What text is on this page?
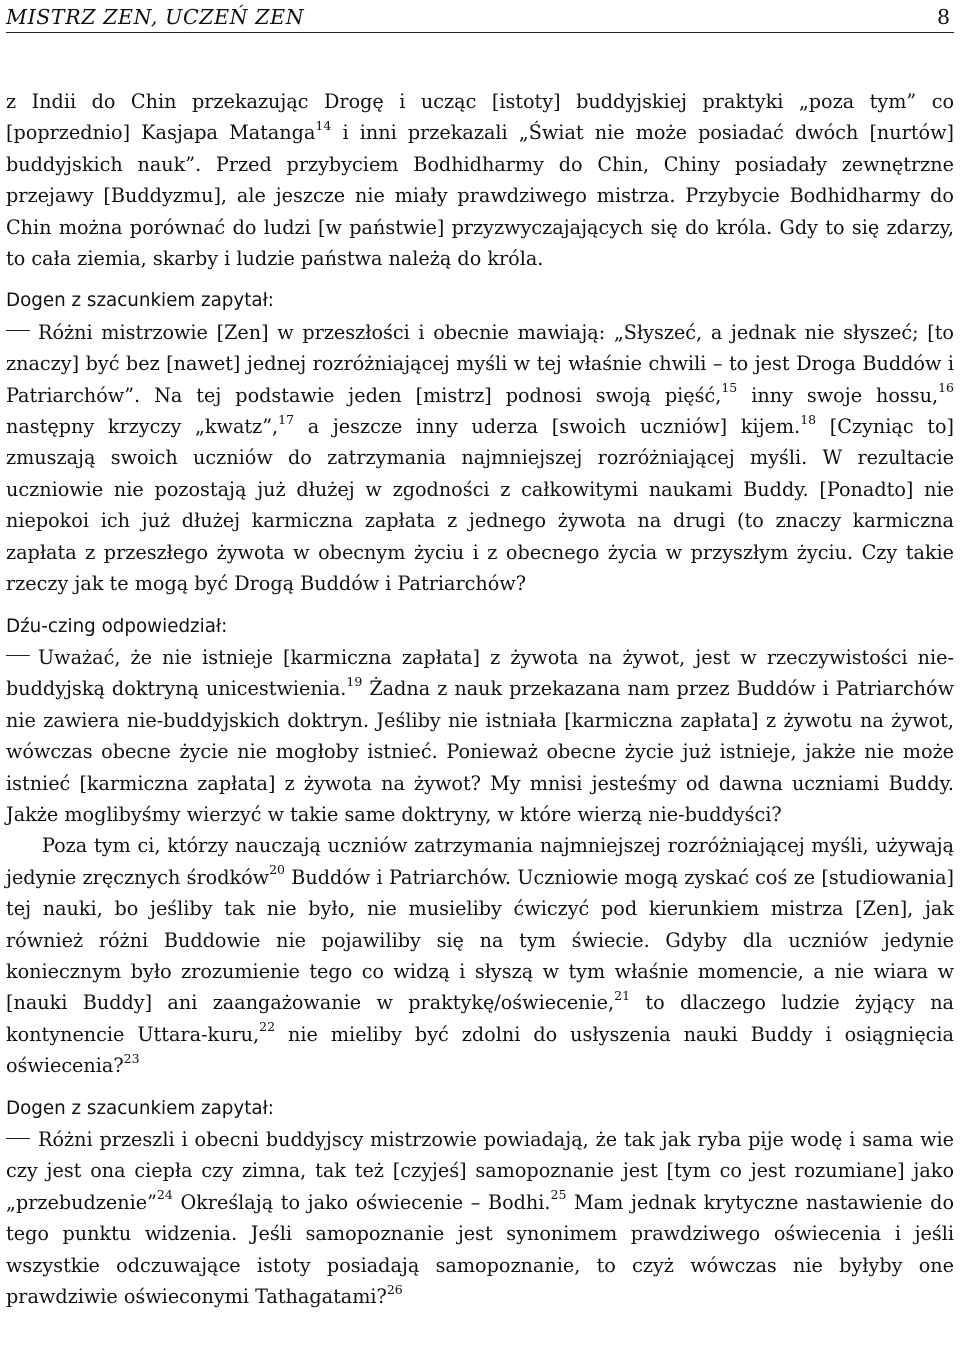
MISTRZ ZEN, UCZEŃ ZEN	8

z Indii do Chin przekazując Drogę i ucząc [istoty] buddyjskiej praktyki „poza tym” co [poprzednio] Kasjapa Matanga$^{14}$ i inni przekazali „Świat nie może posiadać dwóch [nurtów] buddyjskich nauk”. Przed przybyciem Bodhidharmy do Chin, Chiny posiadały zewnętrzne przejawy [Buddyzmu], ale jeszcze nie miały prawdziwego mistrza. Przybycie Bodhidharmy do Chin można porównać do ludzi [w państwie] przyzwyczajających się do króla. Gdy to się zdarzy, to cała ziemia, skarby i ludzie państwa należą do króla.

Dogen z szacunkiem zapytał:

Różni mistrzowie [Zen] w przeszłości i obecnie mawiają: „Słyszeć, a jednak nie słyszeć; [to znaczy] być bez [nawet] jednej rozróżniającej myśli w tej właśnie chwili – to jest Droga Buddów i Patriarchów”. Na tej podstawie jeden [mistrz] podnosi swoją pięść,$^{15}$ inny swoje hossu,$^{16}$ następny krzyczy „kwatz”,$^{17}$ a jeszcze inny uderza [swoich uczniów] kijem.$^{18}$ [Czyniąc to] zmuszają swoich uczniów do zatrzymania najmniejszej rozróżniającej myśli. W rezultacie uczniowie nie pozostają już dłużej w zgodności z całkowitymi naukami Buddy. [Ponadto] nie niepokoi ich już dłużej karmiczna zapłata z jednego żywota na drugi (to znaczy karmiczna zapłata z przeszłego żywota w obecnym życiu i z obecnego życia w przyszłym życiu. Czy takie rzeczy jak te mogą być Drogą Buddów i Patriarchów?

Dźu-czing odpowiedział:

Uważać, że nie istnieje [karmiczna zapłata] z żywota na żywot, jest w rzeczywistości nie-buddyjską doktryną unicestwienia.$^{19}$ Żadna z nauk przekazana nam przez Buddów i Patriarchów nie zawiera nie-buddyjskich doktryn. Jeśliby nie istniała [karmiczna zapłata] z żywotu na żywot, wówczas obecne życie nie mogłoby istnieć. Ponieważ obecne życie już istnieje, jakże nie może istnieć [karmiczna zapłata] z żywota na żywot? My mnisi jesteśmy od dawna uczniami Buddy. Jakże moglibyśmy wierzyć w takie same doktryny, w które wierzą nie-buddyści?

Poza tym ci, którzy nauczają uczniów zatrzymania najmniejszej rozróżniającej myśli, używają jedynie zręcznych środków$^{20}$ Buddów i Patriarchów. Uczniowie mogą zyskać coś ze [studiowania] tej nauki, bo jeśliby tak nie było, nie musieliby ćwiczyć pod kierunkiem mistrza [Zen], jak również różni Buddowie nie pojawiliby się na tym świecie. Gdyby dla uczniów jedynie koniecznym było zrozumienie tego co widzą i słyszą w tym właśnie momencie, a nie wiara w [nauki Buddy] ani zaangażowanie w praktykę/oświecenie,$^{21}$ to dlaczego ludzie żyjący na kontynencie Uttara-kuru,$^{22}$ nie mieliby być zdolni do usłyszenia nauki Buddy i osiągnięcia oświecenia?$^{23}$

Dogen z szacunkiem zapytał:

Różni przeszli i obecni buddyjscy mistrzowie powiadają, że tak jak ryba pije wodę i sama wie czy jest ona ciepła czy zimna, tak też [czyjeś] samopoznanie jest [tym co jest rozumiane] jako „przebudzenie”$^{24}$ Określają to jako oświecenie – Bodhi.$^{25}$ Mam jednak krytyczne nastawienie do tego punktu widzenia. Jeśli samopoznanie jest synonimem prawdziwego oświecenia i jeśli wszystkie odczuwające istoty posiadają samopoznanie, to czyż wówczas nie byłyby one prawdziwie oświeconymi Tathagatami?$^{26}$
